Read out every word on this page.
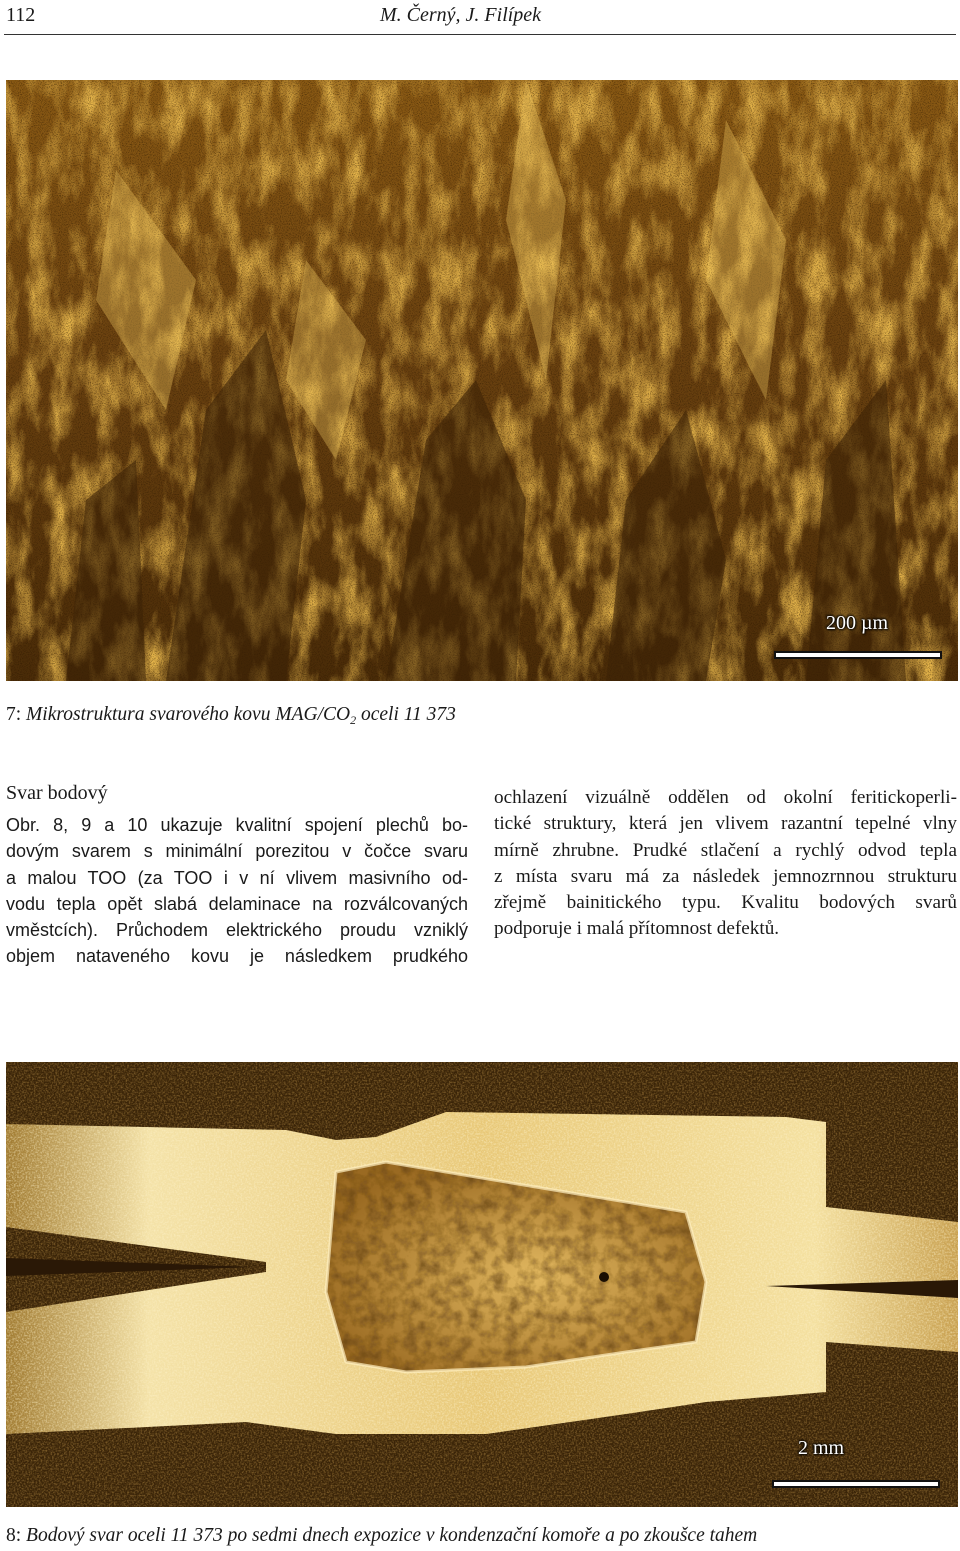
112	M. Černý, J. Filípek
200 µm
7: Mikrostruktura svarového kovu MAG/$CO_2$ oceli 11 373
Svar bodový
Obr. 8, 9 a 10 ukazuje kvalitní spojení plechů bo-
dovým svarem s minimální porezitou v čočce svaru
a malou TOO (za TOO i v ní vlivem masivního od-
vodu tepla opět slabá delaminace na rozválcovaných
vměstcích). Průchodem elektrického proudu vzniklý
objem nataveného kovu je následkem prudkého
ochlazení vizuálně oddělen od okolní feritickoperli-
tické struktury, která jen vlivem razantní tepelné vlny
mírně zhrubne. Prudké stlačení a rychlý odvod tepla
z místa svaru má za následek jemnozrnnou strukturu
zřejmě bainitického typu. Kvalitu bodových svarů
podporuje i malá přítomnost defektů.
2 mm
8: Bodový svar oceli 11 373 po sedmi dnech expozice v kondenzační komoře a po zkoušce tahem
